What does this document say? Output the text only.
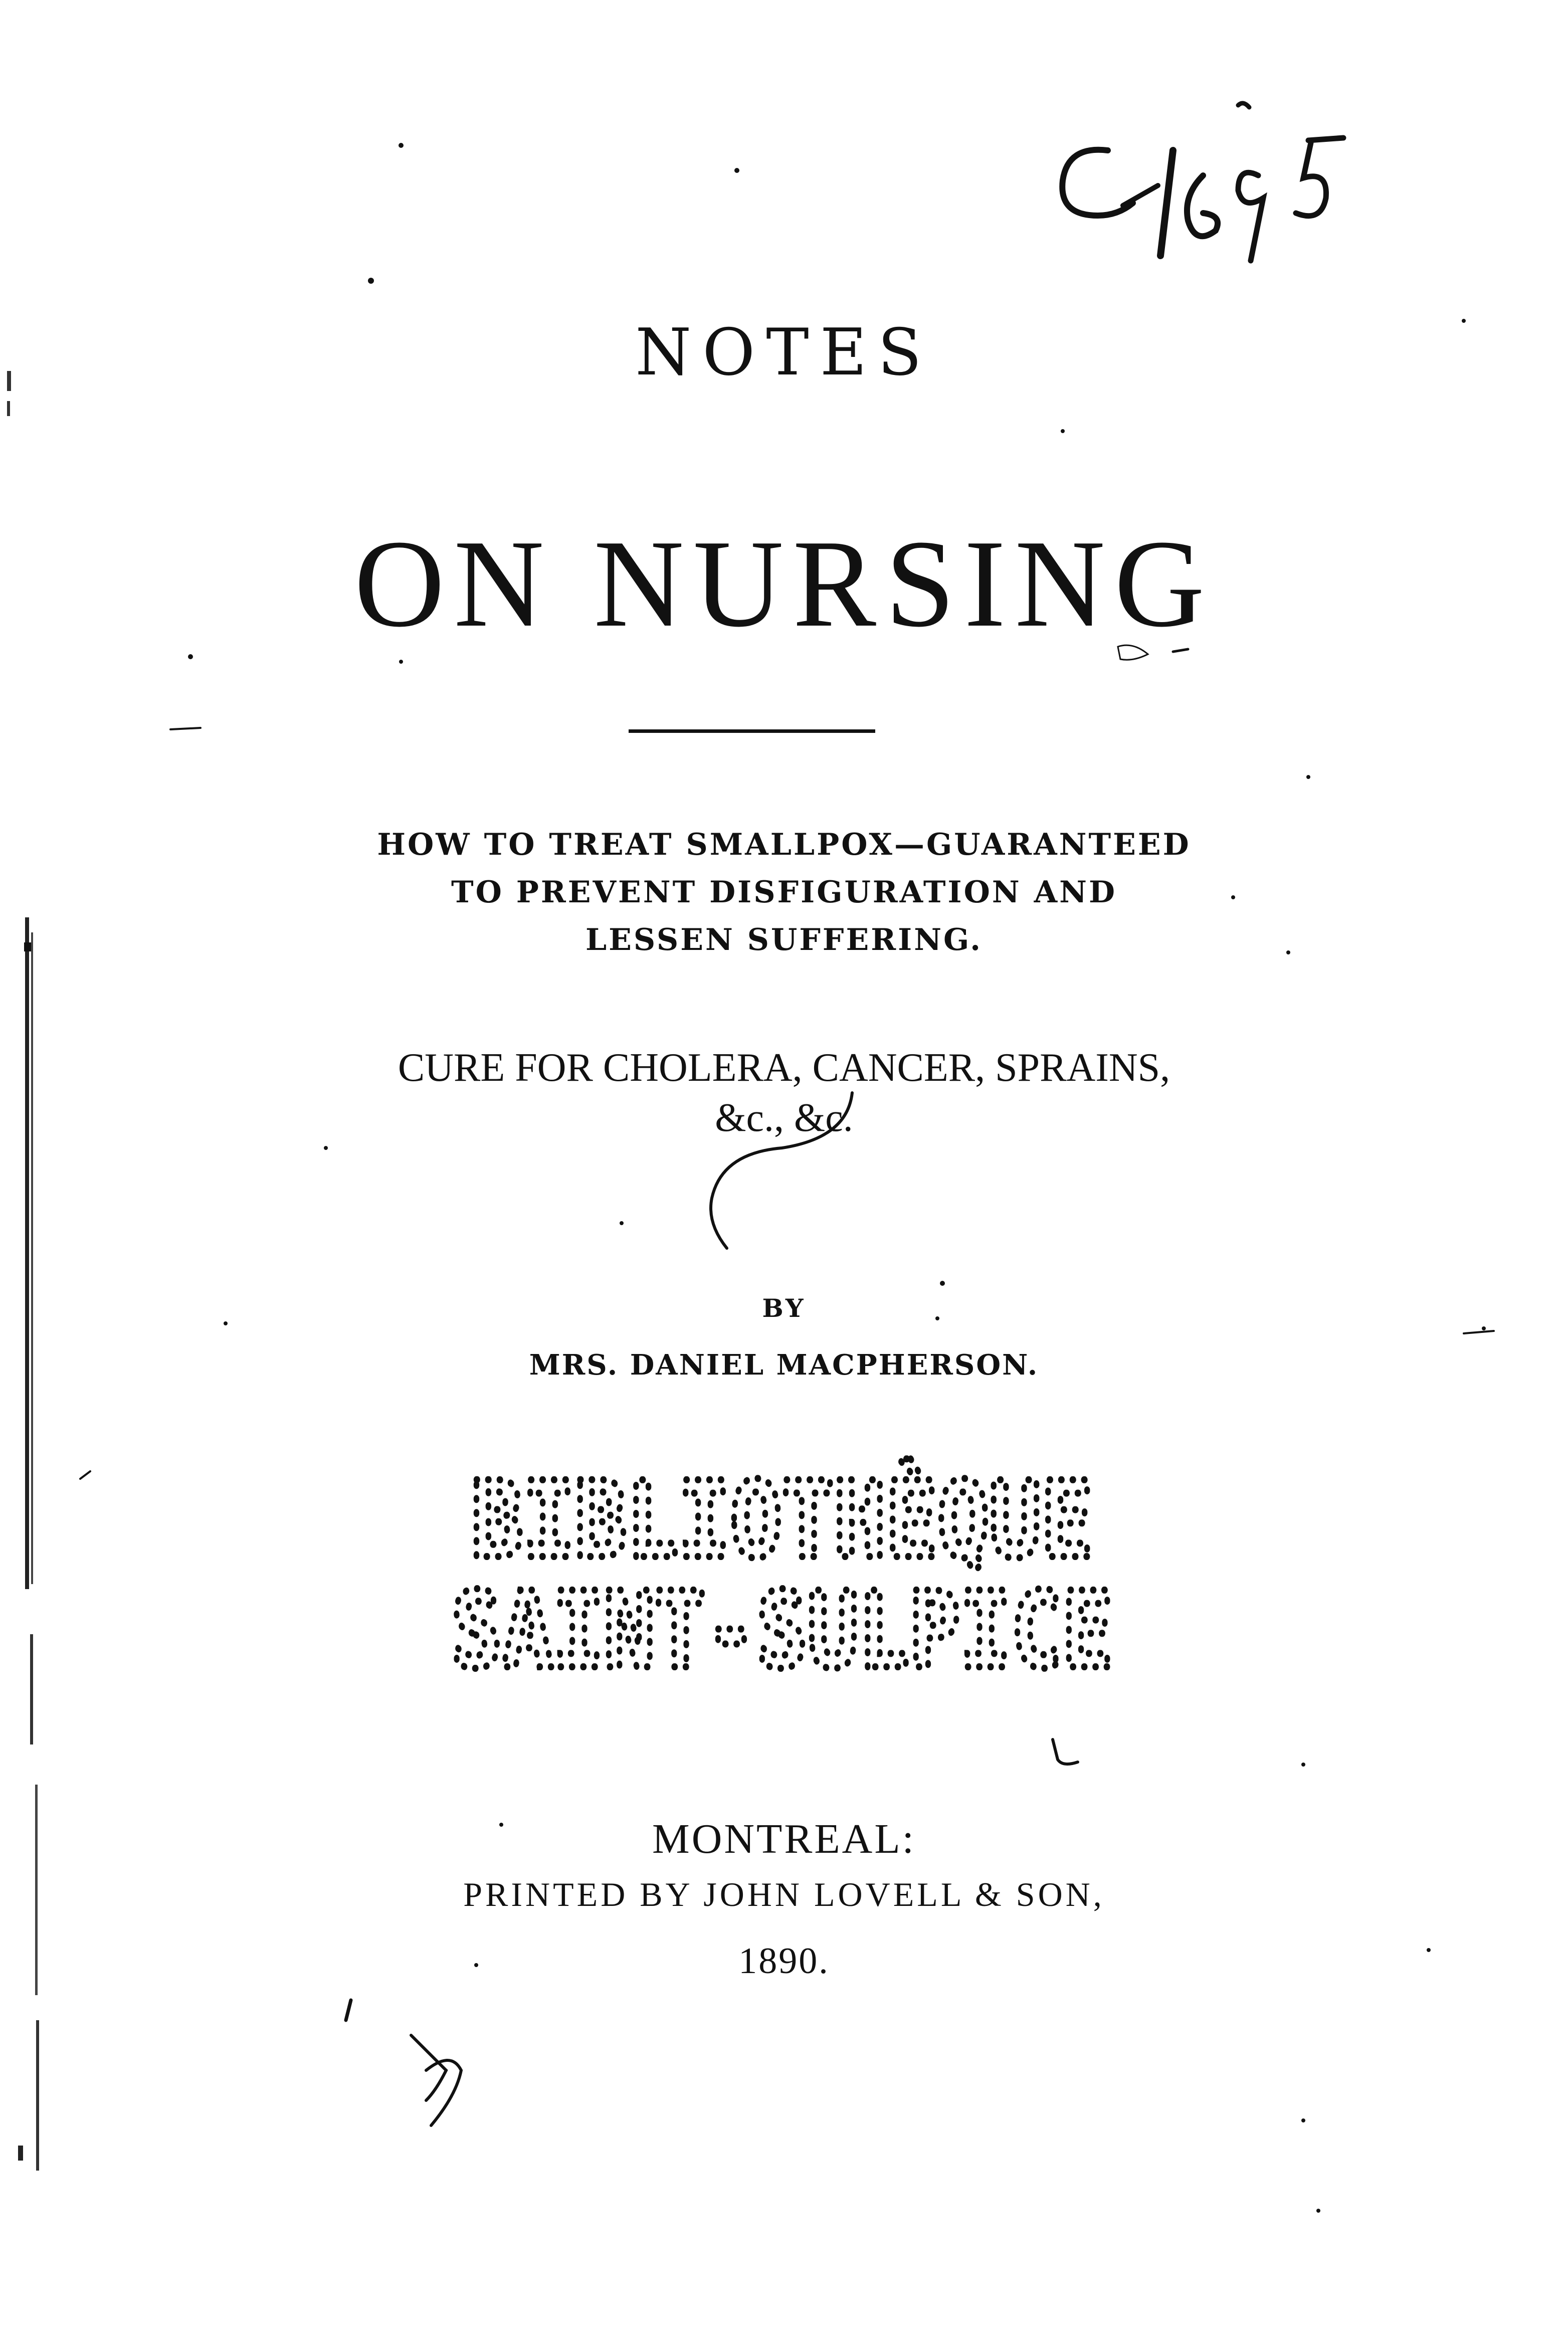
NOTES
ON NURSING
HOW TO TREAT SMALLPOX—GUARANTEED
TO PREVENT DISFIGURATION AND
LESSEN SUFFERING.
CURE FOR CHOLERA, CANCER, SPRAINS,
&c., &c.
BY
MRS. DANIEL MACPHERSON.
BIBLIOTHÈQUE
SAINT-SULPICE
MONTREAL:
PRINTED BY JOHN LOVELL & SON,
1890.
